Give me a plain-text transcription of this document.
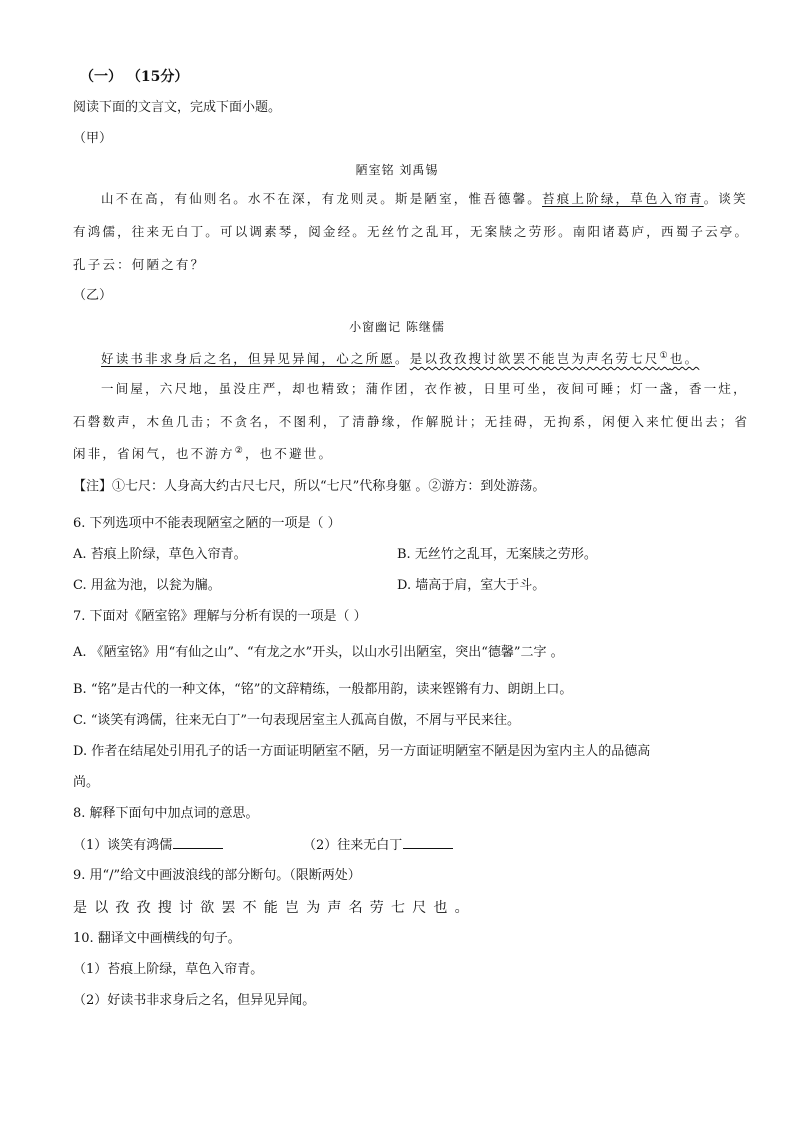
（一） （15分）
阅读下面的文言文，完成下面小题。
（甲）
陋室铭 刘禹锡
山不在高，有仙则名。水不在深，有龙则灵。斯是陋室，惟吾德馨。苔痕上阶绿，草色入帘青。谈笑
有鸿儒，往来无白丁。可以调素琴，阅金经。无丝竹之乱耳，无案牍之劳形。南阳诸葛庐，西蜀子云亭。
孔子云：何陋之有？
（乙）
小窗幽记 陈继儒
好读书非求身后之名，但异见异闻，心之所愿。是以孜孜搜讨欲罢不能岂为声名劳七尺①也。
一间屋，六尺地，虽没庄严，却也精致；蒲作团，衣作被，日里可坐，夜间可睡；灯一盏，香一炷，
石磬数声，木鱼几击；不贪名，不图利，了清静缘，作解脱计；无挂碍，无拘系，闲便入来忙便出去；省
闲非，省闲气，也不游方②，也不避世。
【注】①七尺：人身高大约古尺七尺，所以“七尺”代称身躯 。②游方：到处游荡。
6. 下列选项中不能表现陋室之陋的一项是（ ）
A. 苔痕上阶绿，草色入帘青。	B. 无丝竹之乱耳，无案牍之劳形。
C. 用盆为池，以瓮为牖。	D. 墙高于肩，室大于斗。
7. 下面对《陋室铭》理解与分析有误的一项是（ ）
A. 《陋室铭》用“有仙之山”、“有龙之水”开头，以山水引出陋室，突出“德馨”二字 。
B. “铭”是古代的一种文体，“铭”的文辞精练，一般都用韵，读来铿锵有力、朗朗上口。
C. “谈笑有鸿儒，往来无白丁”一句表现居室主人孤高自傲，不屑与平民来往。
D. 作者在结尾处引用孔子的话一方面证明陋室不陋，另一方面证明陋室不陋是因为室内主人的品德高
尚。
8. 解释下面句中加点词的意思。
（1）谈笑有鸿儒	（2）往来无白丁
9. 用“/”给文中画波浪线的部分断句。（限断两处）
是以孜孜搜讨欲罢不能岂为声名劳七尺也。
10. 翻译文中画横线的句子。
（1）苔痕上阶绿，草色入帘青。
（2）好读书非求身后之名，但异见异闻。
